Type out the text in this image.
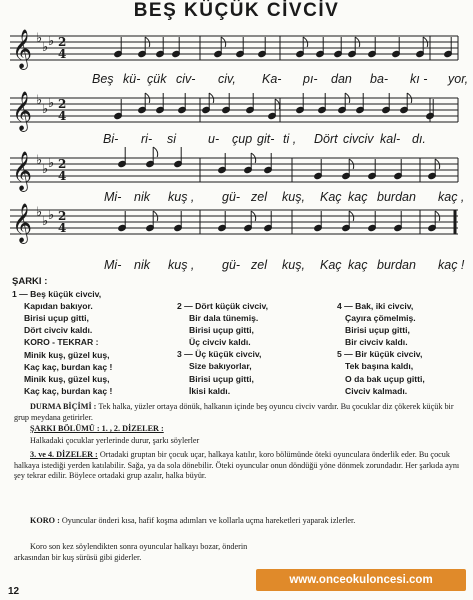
BEŞ KÜÇÜK CİVCİV
𝄞 ♭
♭ ♭ 2
4
Beş kü- çük civ- civ, Ka- pı- dan ba- kı - yor,
𝄞 ♭
♭ ♭ 2
4
Bi- ri- si	u- çup git- ti , Dört civciv kal- dı.
𝄞 ♭
♭ ♭ 2
4
Mi- nik kuş , gü- zel kuş, Kaç kaç burdan kaç ,
𝄞 ♭
♭ ♭ 2
4
Mi- nik kuş , gü- zel kuş, Kaç kaç burdan kaç !
ŞARKI :
1 — Beş küçük civciv,
Kapıdan bakıyor.
Birisi uçup gitti,
Dört civciv kaldı.
KORO - TEKRAR :
Minik kuş, güzel kuş,
Kaç kaç, burdan kaç !
Minik kuş, güzel kuş,
Kaç kaç, burdan kaç !
2 — Dört küçük civciv,
Bir dala tünemiş.
Birisi uçup gitti,
Üç civciv kaldı.
3 — Üç küçük civciv,
Size bakıyorlar,
Birisi uçup gitti,
İkisi kaldı.
4 — Bak, iki civciv,
Çayıra çömelmiş.
Birisi uçup gitti,
Bir civciv kaldı.
5 — Bir küçük civciv,
Tek başına kaldı,
O da bak uçup gitti,
Civciv kalmadı.
DURMA BİÇİMİ : Tek halka, yüzler ortaya dönük, halkanın içinde beş oyuncu civciv vardır. Bu çocuklar diz çökerek küçük bir grup meydana getirirler.
ŞARKI BÖLÜMÜ : 1. , 2. DİZELER :
Halkadaki çocuklar yerlerinde durur, şarkı söylerler
3. ve 4. DİZELER : Ortadaki gruptan bir çocuk uçar, halkaya katılır, koro bölümünde öteki oyunculara önderlik eder. Bu çocuk halkaya istediği yerden katılabilir. Sağa, ya da sola dönebilir. Öteki oyuncular onun döndüğü yöne dönmek zorundadır. Her şarkıda aynı şey tekrar edilir. Böylece ortadaki grup azalır, halka büyür.
KORO : Oyuncular önderi kısa, hafif koşma adımları ve kollarla uçma hareketleri yaparak izlerler.
Koro son kez söylendikten sonra oyuncular halkayı bozar, önderin arkasından bir kuş sürüsü gibi giderler.
www.oncеokuloncesi.com
12
